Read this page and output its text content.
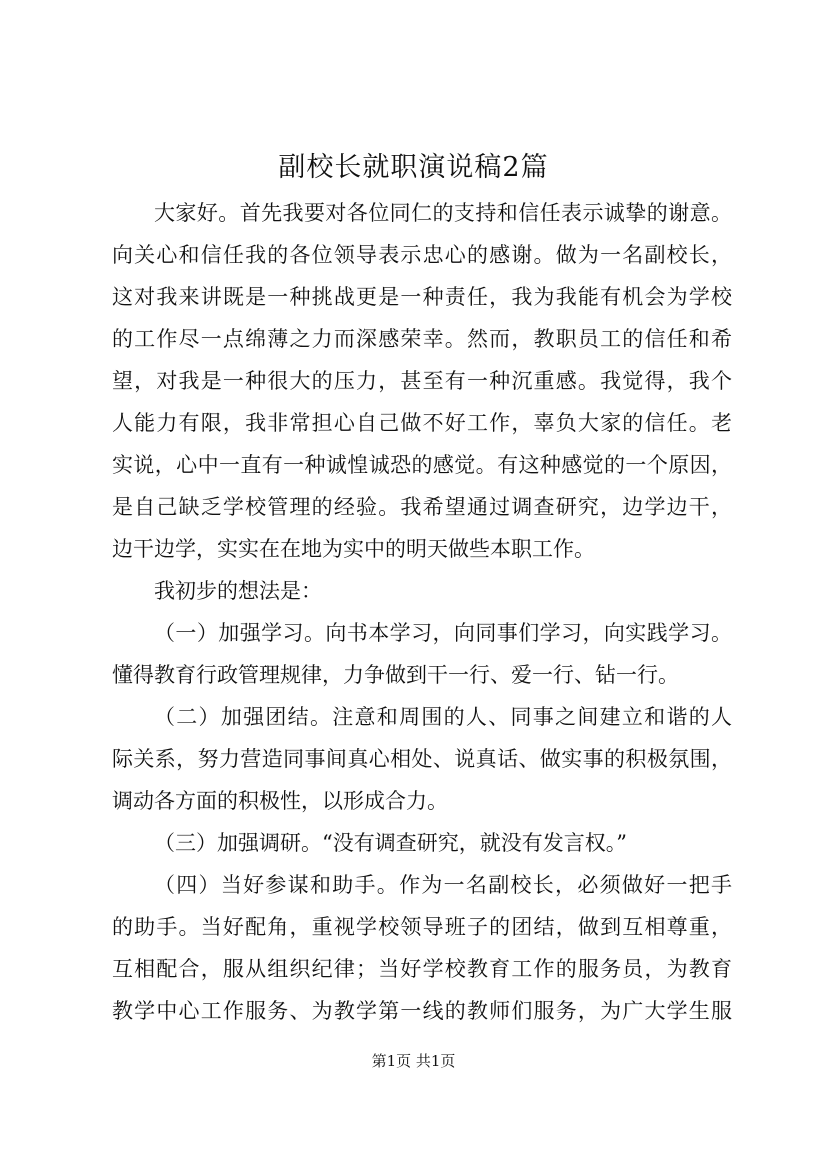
副校长就职演说稿2篇
大家好。首先我要对各位同仁的支持和信任表示诚挚的谢意。
向关心和信任我的各位领导表示忠心的感谢。做为一名副校长，
这对我来讲既是一种挑战更是一种责任，我为我能有机会为学校
的工作尽一点绵薄之力而深感荣幸。然而，教职员工的信任和希
望，对我是一种很大的压力，甚至有一种沉重感。我觉得，我个
人能力有限，我非常担心自己做不好工作，辜负大家的信任。老
实说，心中一直有一种诚惶诚恐的感觉。有这种感觉的一个原因，
是自己缺乏学校管理的经验。我希望通过调查研究，边学边干，
边干边学，实实在在地为实中的明天做些本职工作。
我初步的想法是：
（一）加强学习。向书本学习，向同事们学习，向实践学习。
懂得教育行政管理规律，力争做到干一行、爱一行、钻一行。
（二）加强团结。注意和周围的人、同事之间建立和谐的人
际关系，努力营造同事间真心相处、说真话、做实事的积极氛围，
调动各方面的积极性，以形成合力。
（三）加强调研。“没有调查研究，就没有发言权。”
（四）当好参谋和助手。作为一名副校长，必须做好一把手
的助手。当好配角，重视学校领导班子的团结，做到互相尊重，
互相配合，服从组织纪律；当好学校教育工作的服务员，为教育
教学中心工作服务、为教学第一线的教师们服务，为广大学生服
第1页 共1页
